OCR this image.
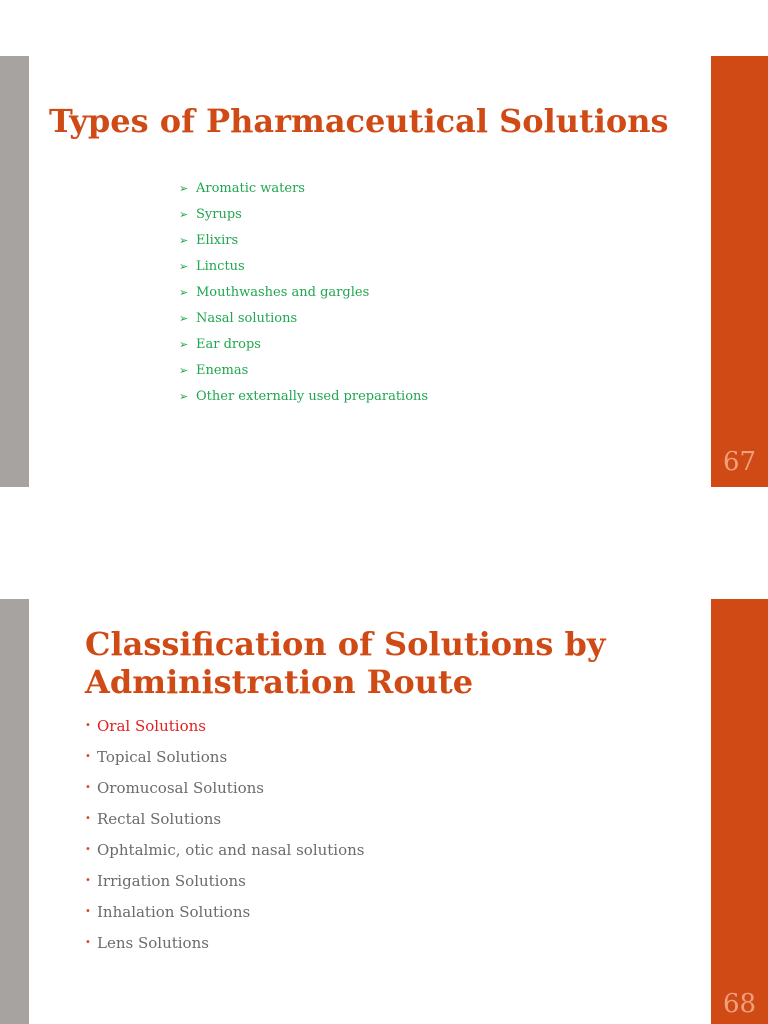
Types of Pharmaceutical Solutions
➢ Aromatic waters
➢ Syrups
➢ Elixirs
➢ Linctus
➢ Mouthwashes and gargles
➢ Nasal solutions
➢ Ear drops
➢ Enemas
➢ Other externally used preparations
67
Classification of Solutions by Administration Route
• Oral Solutions
• Topical Solutions
• Oromucosal Solutions
• Rectal Solutions
• Ophtalmic, otic and nasal solutions
• Irrigation Solutions
• Inhalation Solutions
• Lens Solutions
68
